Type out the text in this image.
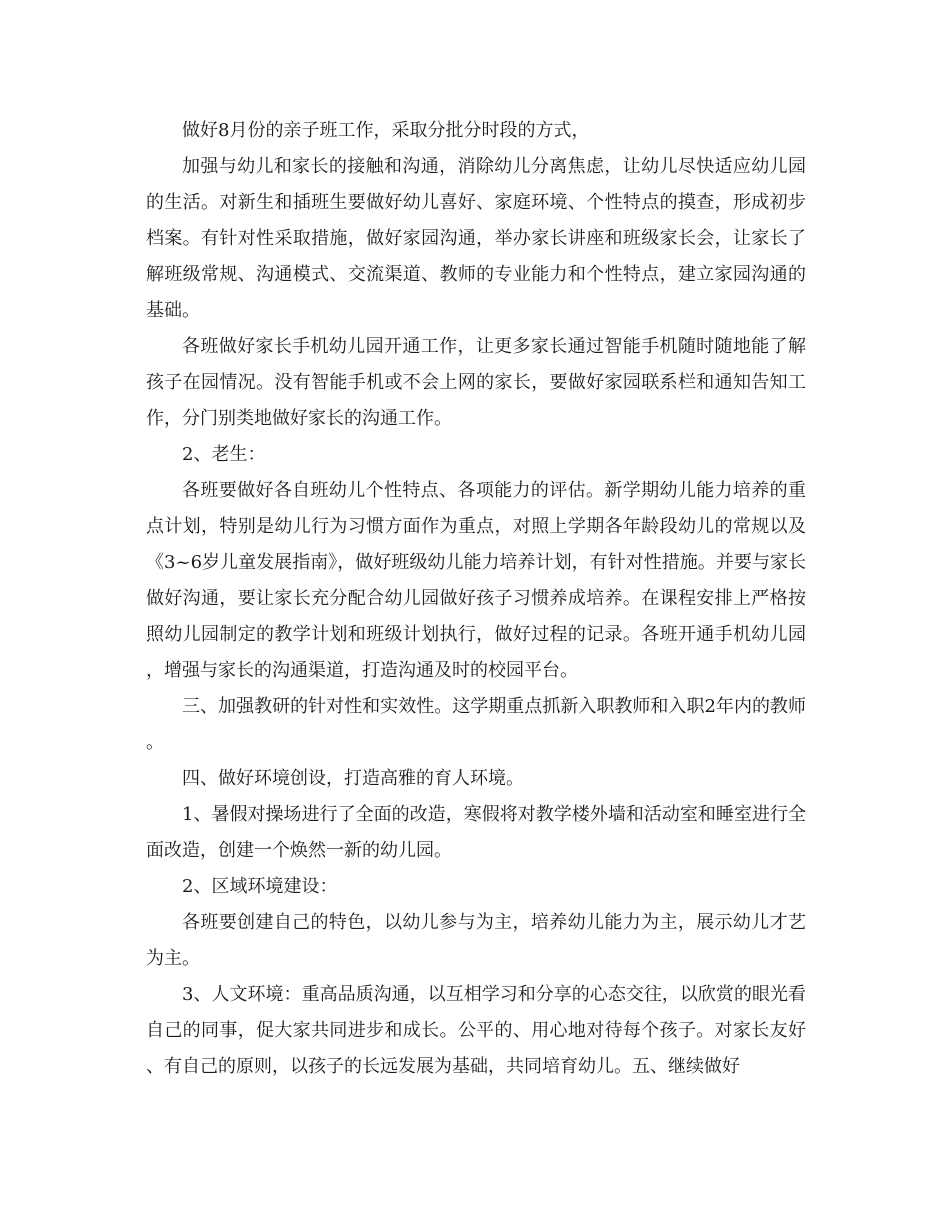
做好8月份的亲子班工作，采取分批分时段的方式，

加强与幼儿和家长的接触和沟通，消除幼儿分离焦虑，让幼儿尽快适应幼儿园的生活。对新生和插班生要做好幼儿喜好、家庭环境、个性特点的摸查，形成初步档案。有针对性采取措施，做好家园沟通，举办家长讲座和班级家长会，让家长了解班级常规、沟通模式、交流渠道、教师的专业能力和个性特点，建立家园沟通的基础。

各班做好家长手机幼儿园开通工作，让更多家长通过智能手机随时随地能了解孩子在园情况。没有智能手机或不会上网的家长，要做好家园联系栏和通知告知工作，分门别类地做好家长的沟通工作。

2、老生：

各班要做好各自班幼儿个性特点、各项能力的评估。新学期幼儿能力培养的重点计划，特别是幼儿行为习惯方面作为重点，对照上学期各年龄段幼儿的常规以及《3~6岁儿童发展指南》，做好班级幼儿能力培养计划，有针对性措施。并要与家长做好沟通，要让家长充分配合幼儿园做好孩子习惯养成培养。在课程安排上严格按照幼儿园制定的教学计划和班级计划执行，做好过程的记录。各班开通手机幼儿园，增强与家长的沟通渠道，打造沟通及时的校园平台。

三、加强教研的针对性和实效性。这学期重点抓新入职教师和入职2年内的教师。

四、做好环境创设，打造高雅的育人环境。

1、暑假对操场进行了全面的改造，寒假将对教学楼外墙和活动室和睡室进行全面改造，创建一个焕然一新的幼儿园。

2、区域环境建设：

各班要创建自己的特色，以幼儿参与为主，培养幼儿能力为主，展示幼儿才艺为主。

3、人文环境：重高品质沟通，以互相学习和分享的心态交往，以欣赏的眼光看自己的同事，促大家共同进步和成长。公平的、用心地对待每个孩子。对家长友好、有自己的原则，以孩子的长远发展为基础，共同培育幼儿。五、继续做好
